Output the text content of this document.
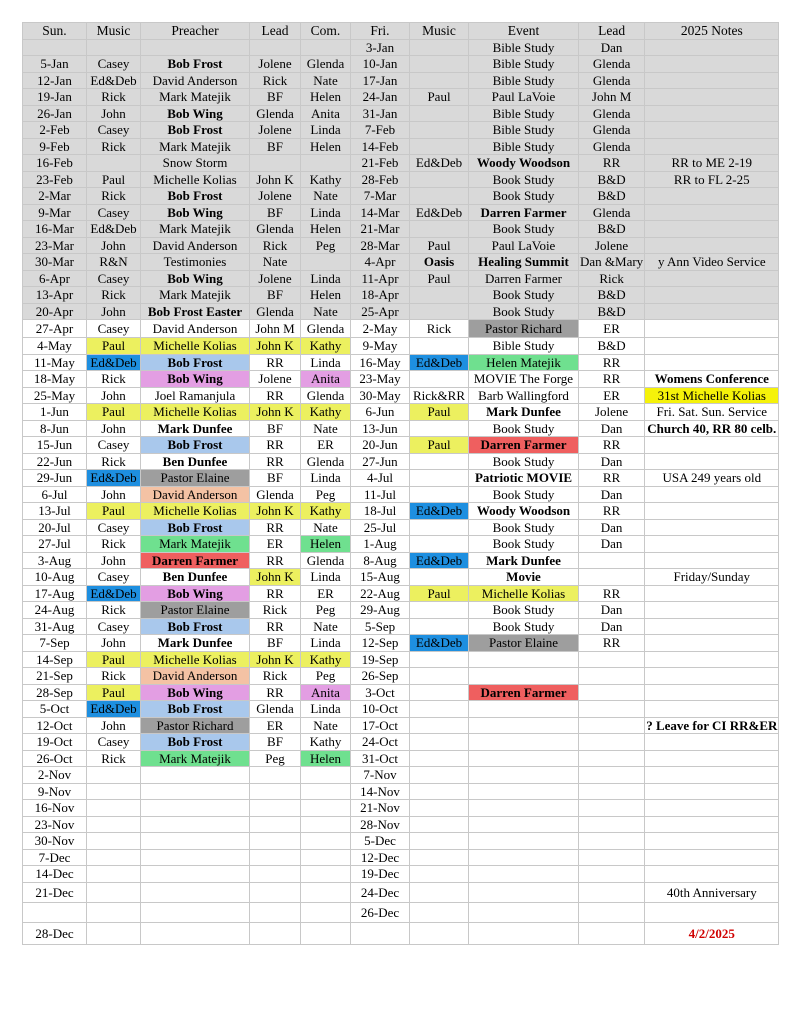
Sun.	Music	Preacher	Lead	Com.	Fri.	Music	Event	Lead	2025 Notes
					3-Jan		Bible Study	Dan	
5-Jan	Casey	Bob Frost	Jolene	Glenda	10-Jan		Bible Study	Glenda	
12-Jan	Ed&Deb	David Anderson	Rick	Nate	17-Jan		Bible Study	Glenda	
19-Jan	Rick	Mark Matejik	BF	Helen	24-Jan	Paul	Paul LaVoie	John M	
26-Jan	John	Bob Wing	Glenda	Anita	31-Jan		Bible Study	Glenda	
2-Feb	Casey	Bob Frost	Jolene	Linda	7-Feb		Bible Study	Glenda	
9-Feb	Rick	Mark Matejik	BF	Helen	14-Feb		Bible Study	Glenda	
16-Feb		Snow Storm			21-Feb	Ed&Deb	Woody Woodson	RR	RR to ME 2-19
23-Feb	Paul	Michelle Kolias	John K	Kathy	28-Feb		Book Study	B&D	RR to FL 2-25
2-Mar	Rick	Bob Frost	Jolene	Nate	7-Mar		Book Study	B&D	
9-Mar	Casey	Bob Wing	BF	Linda	14-Mar	Ed&Deb	Darren Farmer	Glenda	
16-Mar	Ed&Deb	Mark Matejik	Glenda	Helen	21-Mar		Book Study	B&D	
23-Mar	John	David Anderson	Rick	Peg	28-Mar	Paul	Paul LaVoie	Jolene	
30-Mar	R&N	Testimonies	Nate		4-Apr	Oasis	Healing Summit	Dan &Mary	y Ann Video Service
6-Apr	Casey	Bob Wing	Jolene	Linda	11-Apr	Paul	Darren Farmer	Rick	
13-Apr	Rick	Mark Matejik	BF	Helen	18-Apr		Book Study	B&D	
20-Apr	John	Bob Frost Easter	Glenda	Nate	25-Apr		Book Study	B&D	
27-Apr	Casey	David Anderson	John M	Glenda	2-May	Rick	Pastor Richard	ER	
4-May	Paul	Michelle Kolias	John K	Kathy	9-May		Bible Study	B&D	
11-May	Ed&Deb	Bob Frost	RR	Linda	16-May	Ed&Deb	Helen Matejik	RR	
18-May	Rick	Bob Wing	Jolene	Anita	23-May		MOVIE The Forge	RR	Womens Conference
25-May	John	Joel Ramanjula	RR	Glenda	30-May	Rick&RR	Barb Wallingford	ER	31st Michelle Kolias
1-Jun	Paul	Michelle Kolias	John K	Kathy	6-Jun	Paul	Mark Dunfee	Jolene	Fri. Sat. Sun. Service
8-Jun	John	Mark Dunfee	BF	Nate	13-Jun		Book Study	Dan	Church 40, RR 80 celb.
15-Jun	Casey	Bob Frost	RR	ER	20-Jun	Paul	Darren Farmer	RR	
22-Jun	Rick	Ben Dunfee	RR	Glenda	27-Jun		Book Study	Dan	
29-Jun	Ed&Deb	Pastor Elaine	BF	Linda	4-Jul		Patriotic MOVIE	RR	USA 249 years old
6-Jul	John	David Anderson	Glenda	Peg	11-Jul		Book Study	Dan	
13-Jul	Paul	Michelle Kolias	John K	Kathy	18-Jul	Ed&Deb	Woody Woodson	RR	
20-Jul	Casey	Bob Frost	RR	Nate	25-Jul		Book Study	Dan	
27-Jul	Rick	Mark Matejik	ER	Helen	1-Aug		Book Study	Dan	
3-Aug	John	Darren Farmer	RR	Glenda	8-Aug	Ed&Deb	Mark Dunfee		
10-Aug	Casey	Ben Dunfee	John K	Linda	15-Aug		Movie		Friday/Sunday
17-Aug	Ed&Deb	Bob Wing	RR	ER	22-Aug	Paul	Michelle Kolias	RR	
24-Aug	Rick	Pastor Elaine	Rick	Peg	29-Aug		Book Study	Dan	
31-Aug	Casey	Bob Frost	RR	Nate	5-Sep		Book Study	Dan	
7-Sep	John	Mark Dunfee	BF	Linda	12-Sep	Ed&Deb	Pastor Elaine	RR	
14-Sep	Paul	Michelle Kolias	John K	Kathy	19-Sep				
21-Sep	Rick	David Anderson	Rick	Peg	26-Sep				
28-Sep	Paul	Bob Wing	RR	Anita	3-Oct		Darren Farmer		
5-Oct	Ed&Deb	Bob Frost	Glenda	Linda	10-Oct				
12-Oct	John	Pastor Richard	ER	Nate	17-Oct				? Leave for CI RR&ER
19-Oct	Casey	Bob Frost	BF	Kathy	24-Oct				
26-Oct	Rick	Mark Matejik	Peg	Helen	31-Oct				
2-Nov					7-Nov				
9-Nov					14-Nov				
16-Nov					21-Nov				
23-Nov					28-Nov				
30-Nov					5-Dec				
7-Dec					12-Dec				
14-Dec					19-Dec				
21-Dec					24-Dec				40th Anniversary
					26-Dec				
28-Dec									4/2/2025
